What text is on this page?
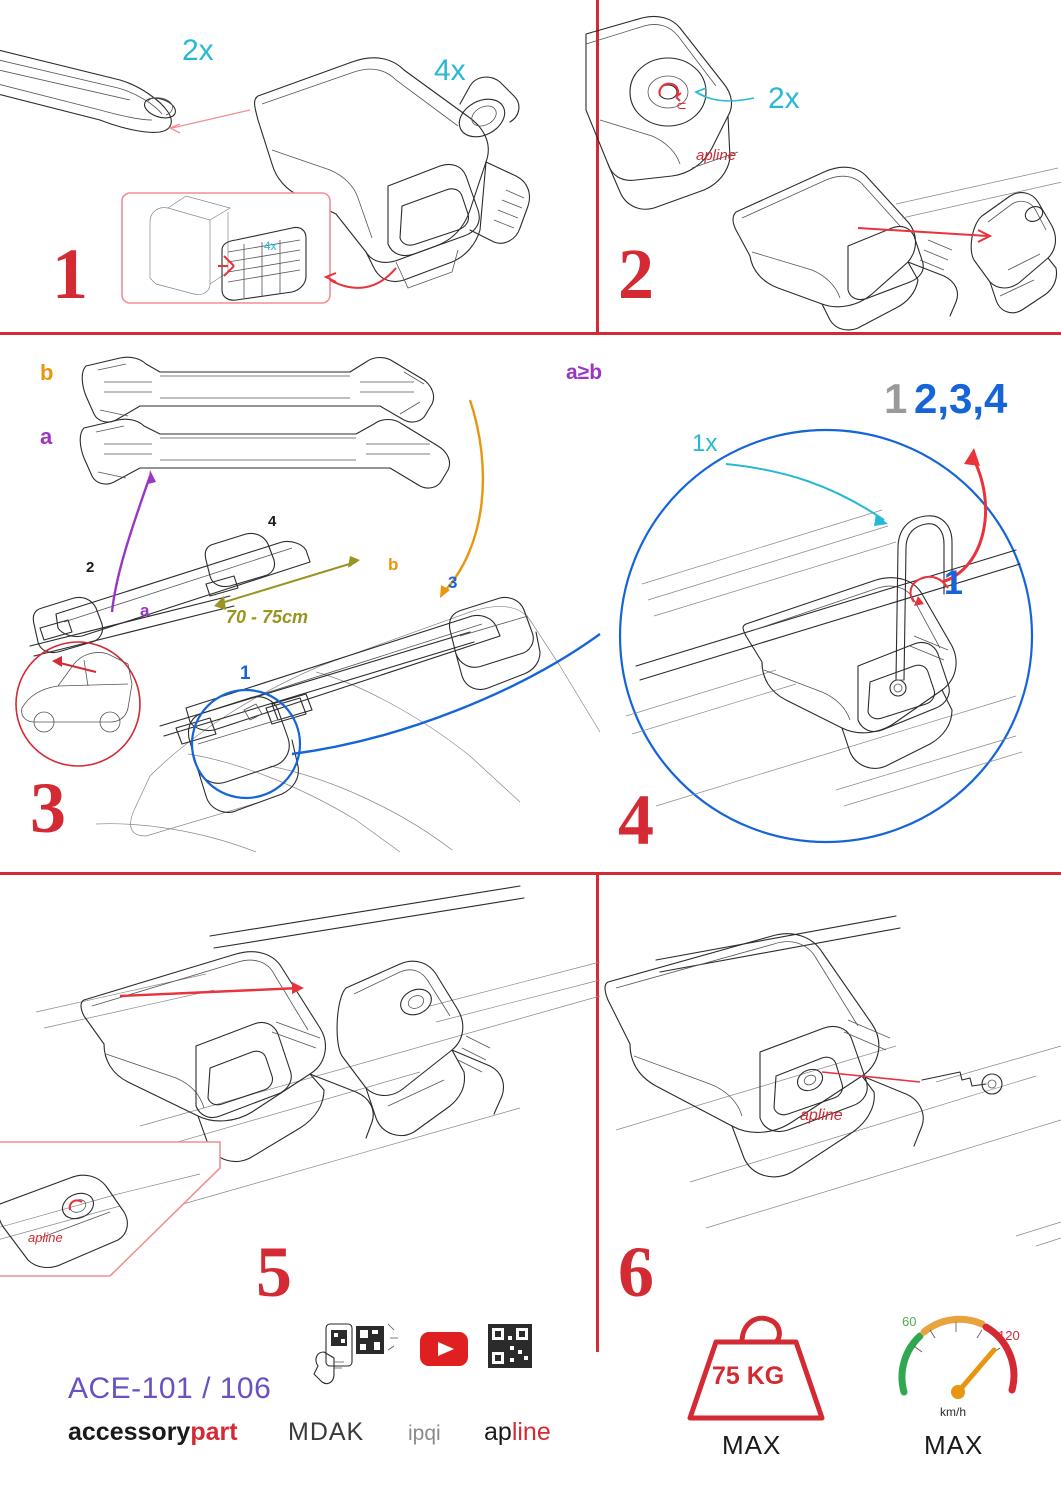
4x
2x
4x
1
⊂
apline
2x
2
b
a
a
b
70 - 75cm
1
2
3
4
3
a≥b
1x
1 2,3,4
1
4
apline	5
apline
6
ACE-101 / 106
accessorypart MDAK ipqi apline
75 KG
MAX
60
120
km/h
MAX
